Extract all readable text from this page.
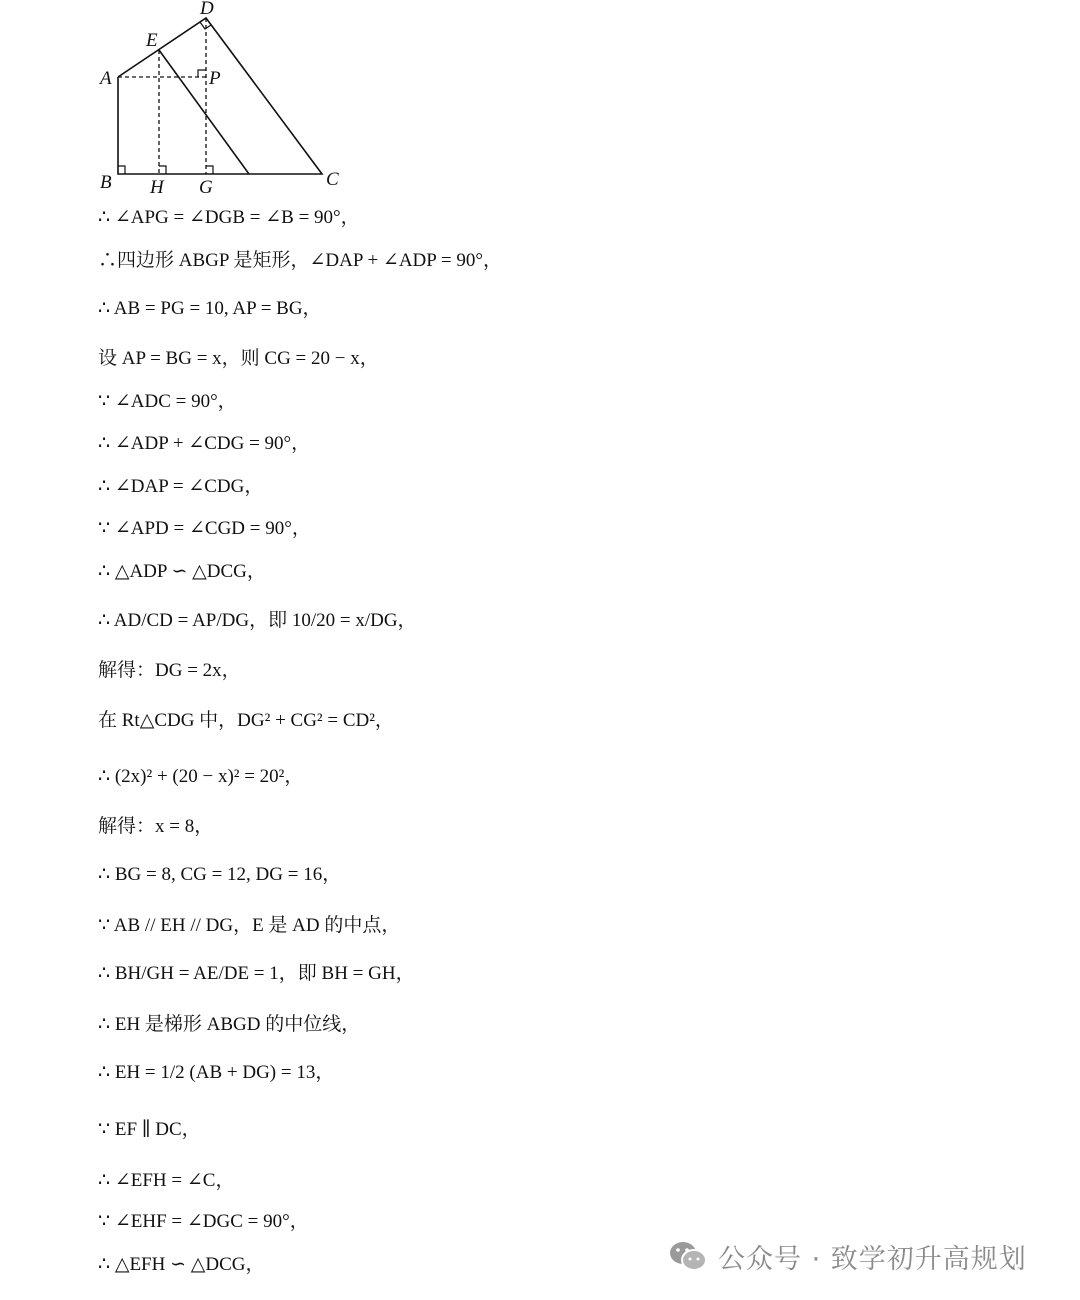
D
E
A	P
B H G	C
∴ ∠APG = ∠DGB = ∠B = 90°，
∴四边形 ABGP 是矩形，∠DAP + ∠ADP = 90°，
∴ AB = PG = 10, AP = BG，
设 AP = BG = x，则 CG = 20 − x，
∵ ∠ADC = 90°，
∴ ∠ADP + ∠CDG = 90°，
∴ ∠DAP = ∠CDG，
∵ ∠APD = ∠CGD = 90°，
∴ △ADP ∽ △DCG，
∴ AD/CD = AP/DG，即 10/20 = x/DG，
解得：DG = 2x，
在 Rt△CDG 中，DG² + CG² = CD²，
∴ (2x)² + (20 − x)² = 20²，
解得：x = 8，
∴ BG = 8, CG = 12, DG = 16，
∵ AB // EH // DG，E 是 AD 的中点，
∴ BH/GH = AE/DE = 1，即 BH = GH，
∴ EH 是梯形 ABGD 的中位线，
∴ EH = 1/2 (AB + DG) = 13，
∵ EF ∥ DC，
∴ ∠EFH = ∠C，
∵ ∠EHF = ∠DGC = 90°，
∴ △EFH ∽ △DCG，	公众号 · 致学初升高规划
